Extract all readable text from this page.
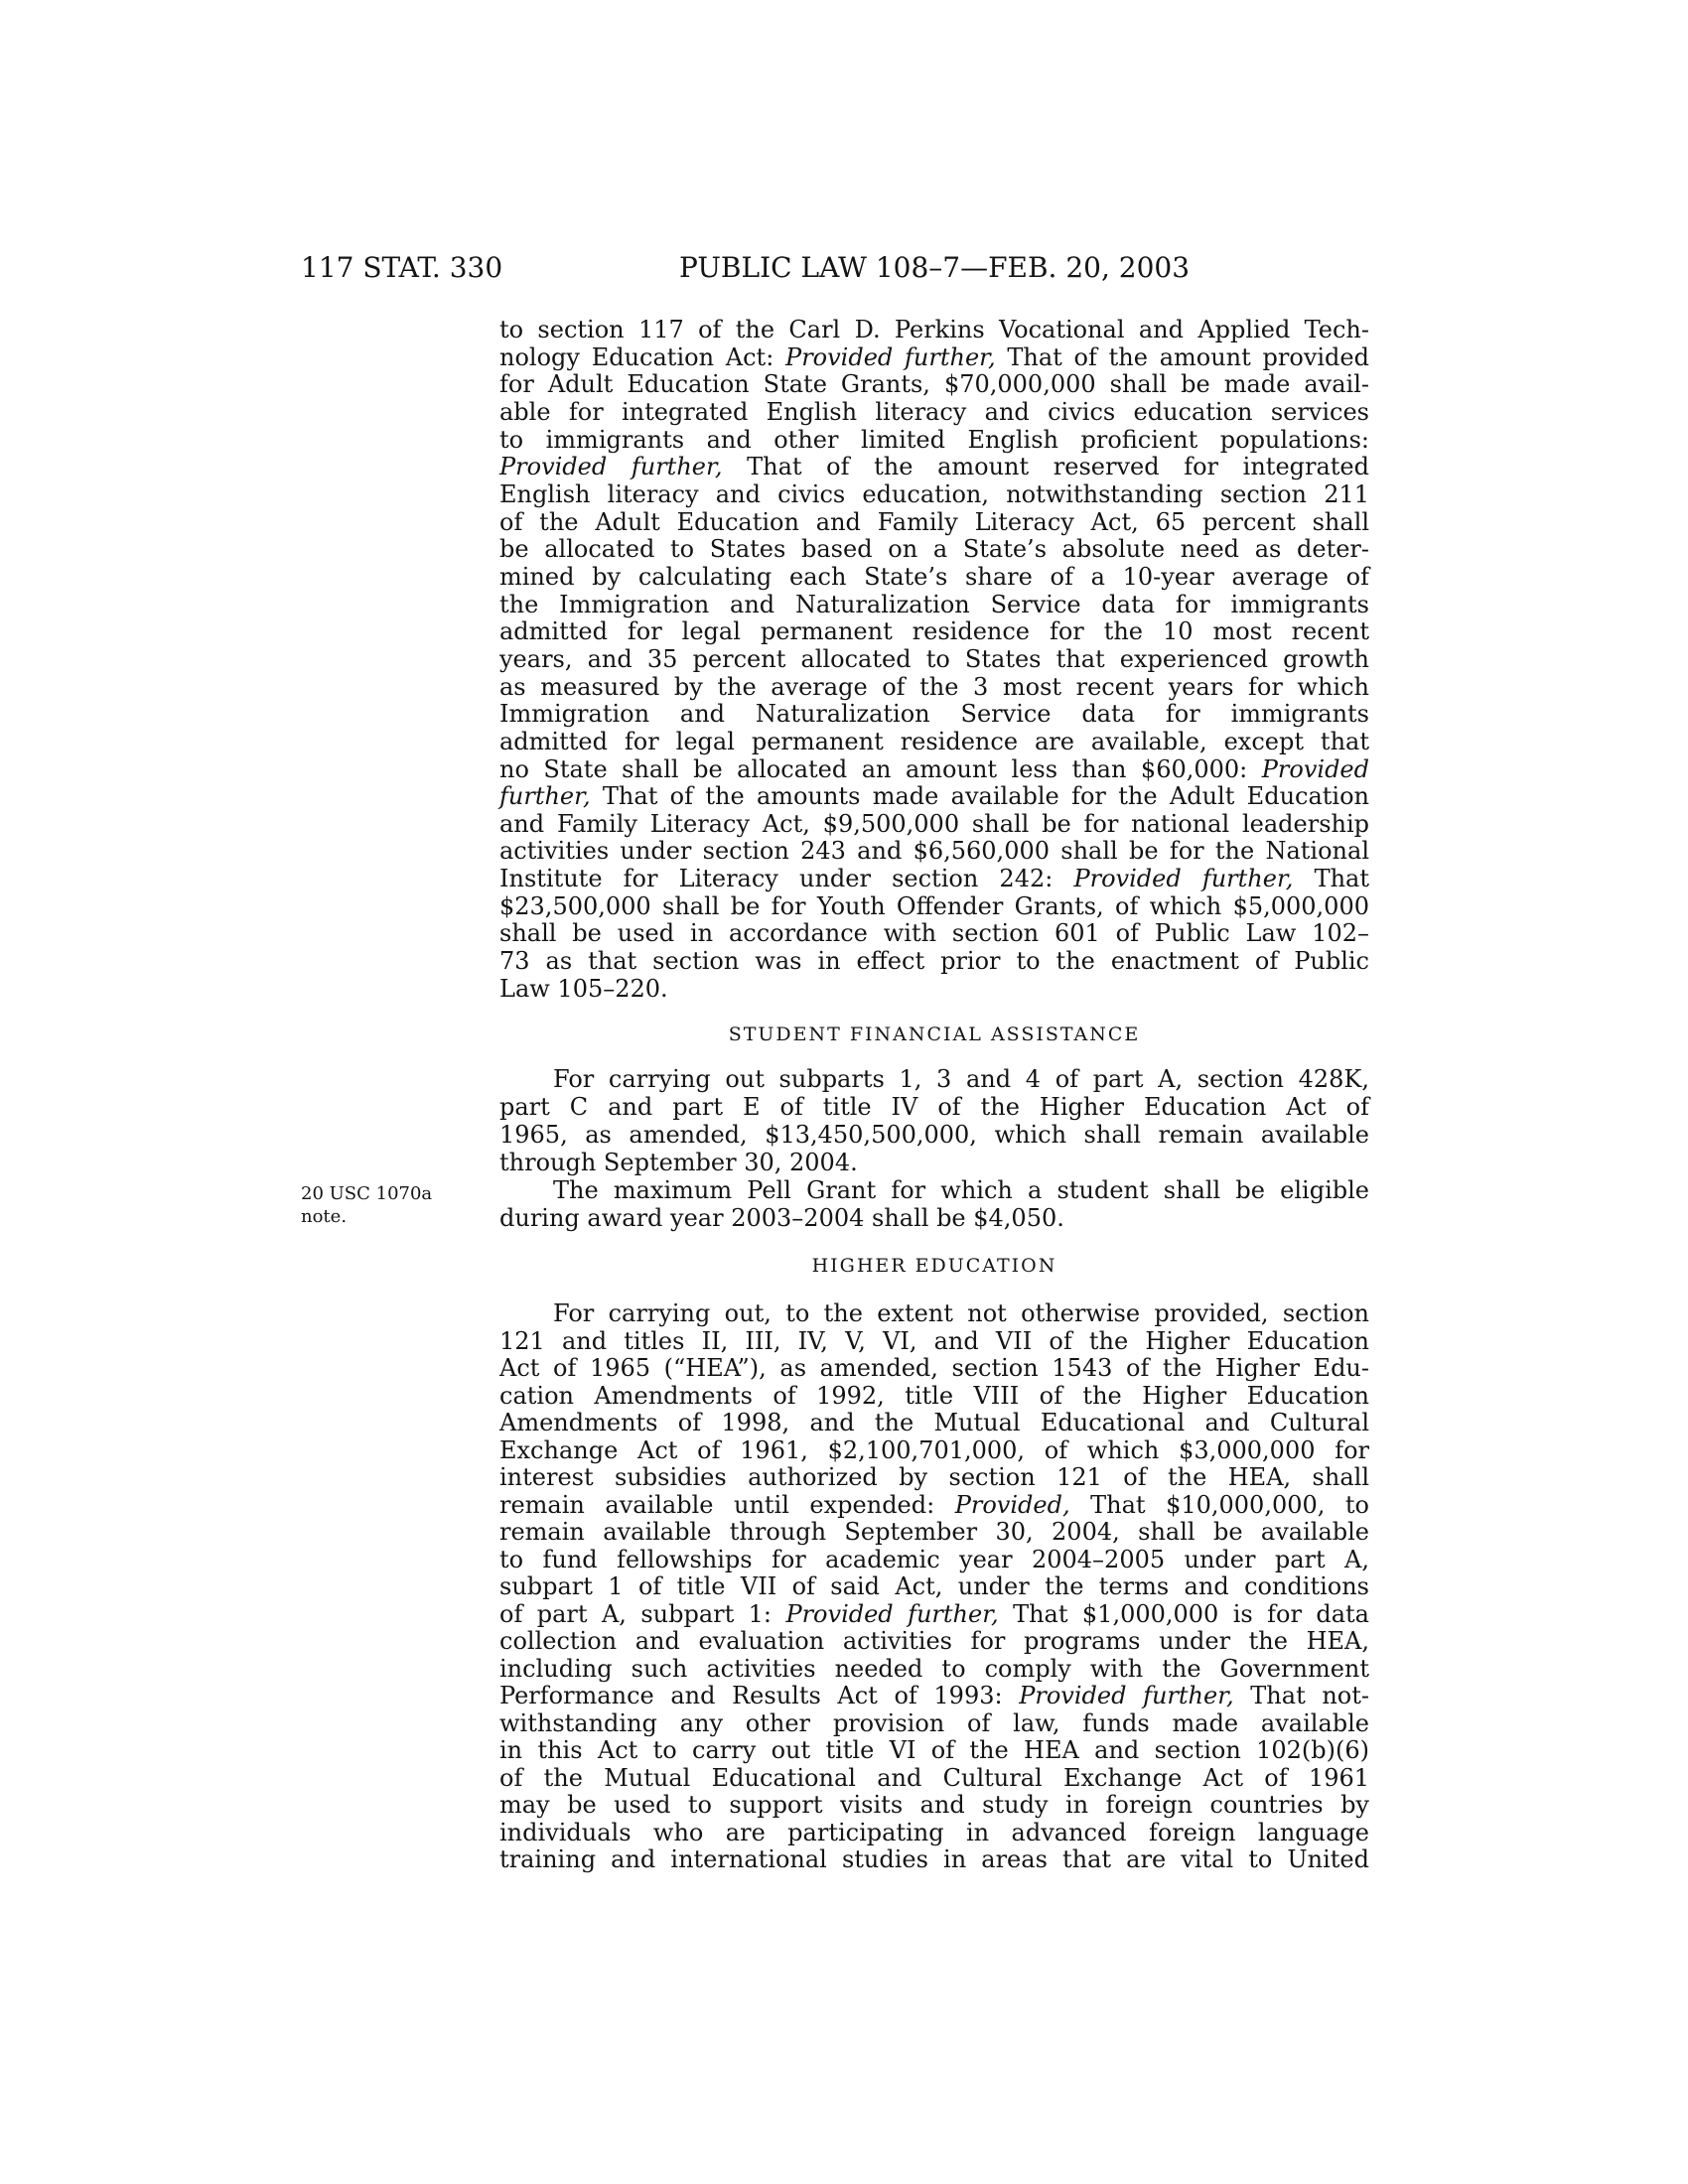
117 STAT. 330	PUBLIC LAW 108–7—FEB. 20, 2003
to section 117 of the Carl D. Perkins Vocational and Applied Tech-
nology Education Act: Provided further, That of the amount provided
for Adult Education State Grants, $70,000,000 shall be made avail-
able for integrated English literacy and civics education services
to immigrants and other limited English proficient populations:
Provided further, That of the amount reserved for integrated
English literacy and civics education, notwithstanding section 211
of the Adult Education and Family Literacy Act, 65 percent shall
be allocated to States based on a State’s absolute need as deter-
mined by calculating each State’s share of a 10-year average of
the Immigration and Naturalization Service data for immigrants
admitted for legal permanent residence for the 10 most recent
years, and 35 percent allocated to States that experienced growth
as measured by the average of the 3 most recent years for which
Immigration and Naturalization Service data for immigrants
admitted for legal permanent residence are available, except that
no State shall be allocated an amount less than $60,000: Provided
further, That of the amounts made available for the Adult Education
and Family Literacy Act, $9,500,000 shall be for national leadership
activities under section 243 and $6,560,000 shall be for the National
Institute for Literacy under section 242: Provided further, That
$23,500,000 shall be for Youth Offender Grants, of which $5,000,000
shall be used in accordance with section 601 of Public Law 102–
73 as that section was in effect prior to the enactment of Public
Law 105–220.
STUDENT FINANCIAL ASSISTANCE
For carrying out subparts 1, 3 and 4 of part A, section 428K,
part C and part E of title IV of the Higher Education Act of
1965, as amended, $13,450,500,000, which shall remain available
through September 30, 2004.
The maximum Pell Grant for which a student shall be eligible
during award year 2003–2004 shall be $4,050.
20 USC 1070a
note.
HIGHER EDUCATION
For carrying out, to the extent not otherwise provided, section
121 and titles II, III, IV, V, VI, and VII of the Higher Education
Act of 1965 (“HEA”), as amended, section 1543 of the Higher Edu-
cation Amendments of 1992, title VIII of the Higher Education
Amendments of 1998, and the Mutual Educational and Cultural
Exchange Act of 1961, $2,100,701,000, of which $3,000,000 for
interest subsidies authorized by section 121 of the HEA, shall
remain available until expended: Provided, That $10,000,000, to
remain available through September 30, 2004, shall be available
to fund fellowships for academic year 2004–2005 under part A,
subpart 1 of title VII of said Act, under the terms and conditions
of part A, subpart 1: Provided further, That $1,000,000 is for data
collection and evaluation activities for programs under the HEA,
including such activities needed to comply with the Government
Performance and Results Act of 1993: Provided further, That not-
withstanding any other provision of law, funds made available
in this Act to carry out title VI of the HEA and section 102(b)(6)
of the Mutual Educational and Cultural Exchange Act of 1961
may be used to support visits and study in foreign countries by
individuals who are participating in advanced foreign language
training and international studies in areas that are vital to United
